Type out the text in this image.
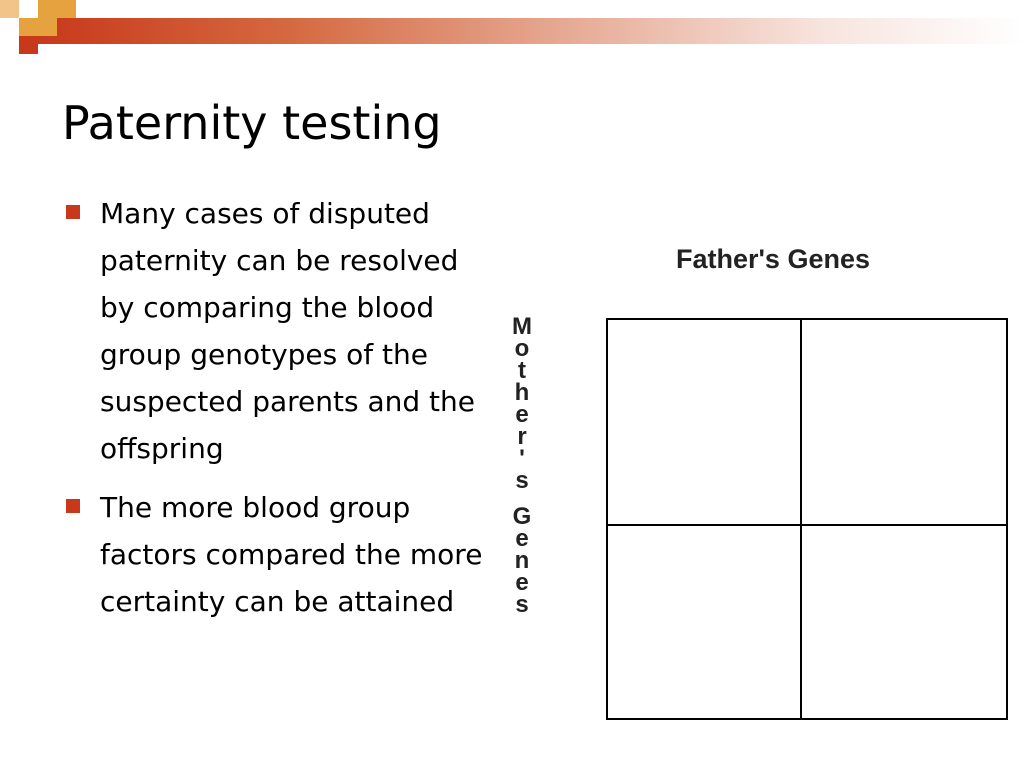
Paternity testing
Many cases of disputed paternity can be resolved by comparing the blood group genotypes of the suspected parents and the offspring
The more blood group factors compared the more certainty can be attained
Father's Genes
M
o
t
h
e
r
'
s
G
e
n
e
s
